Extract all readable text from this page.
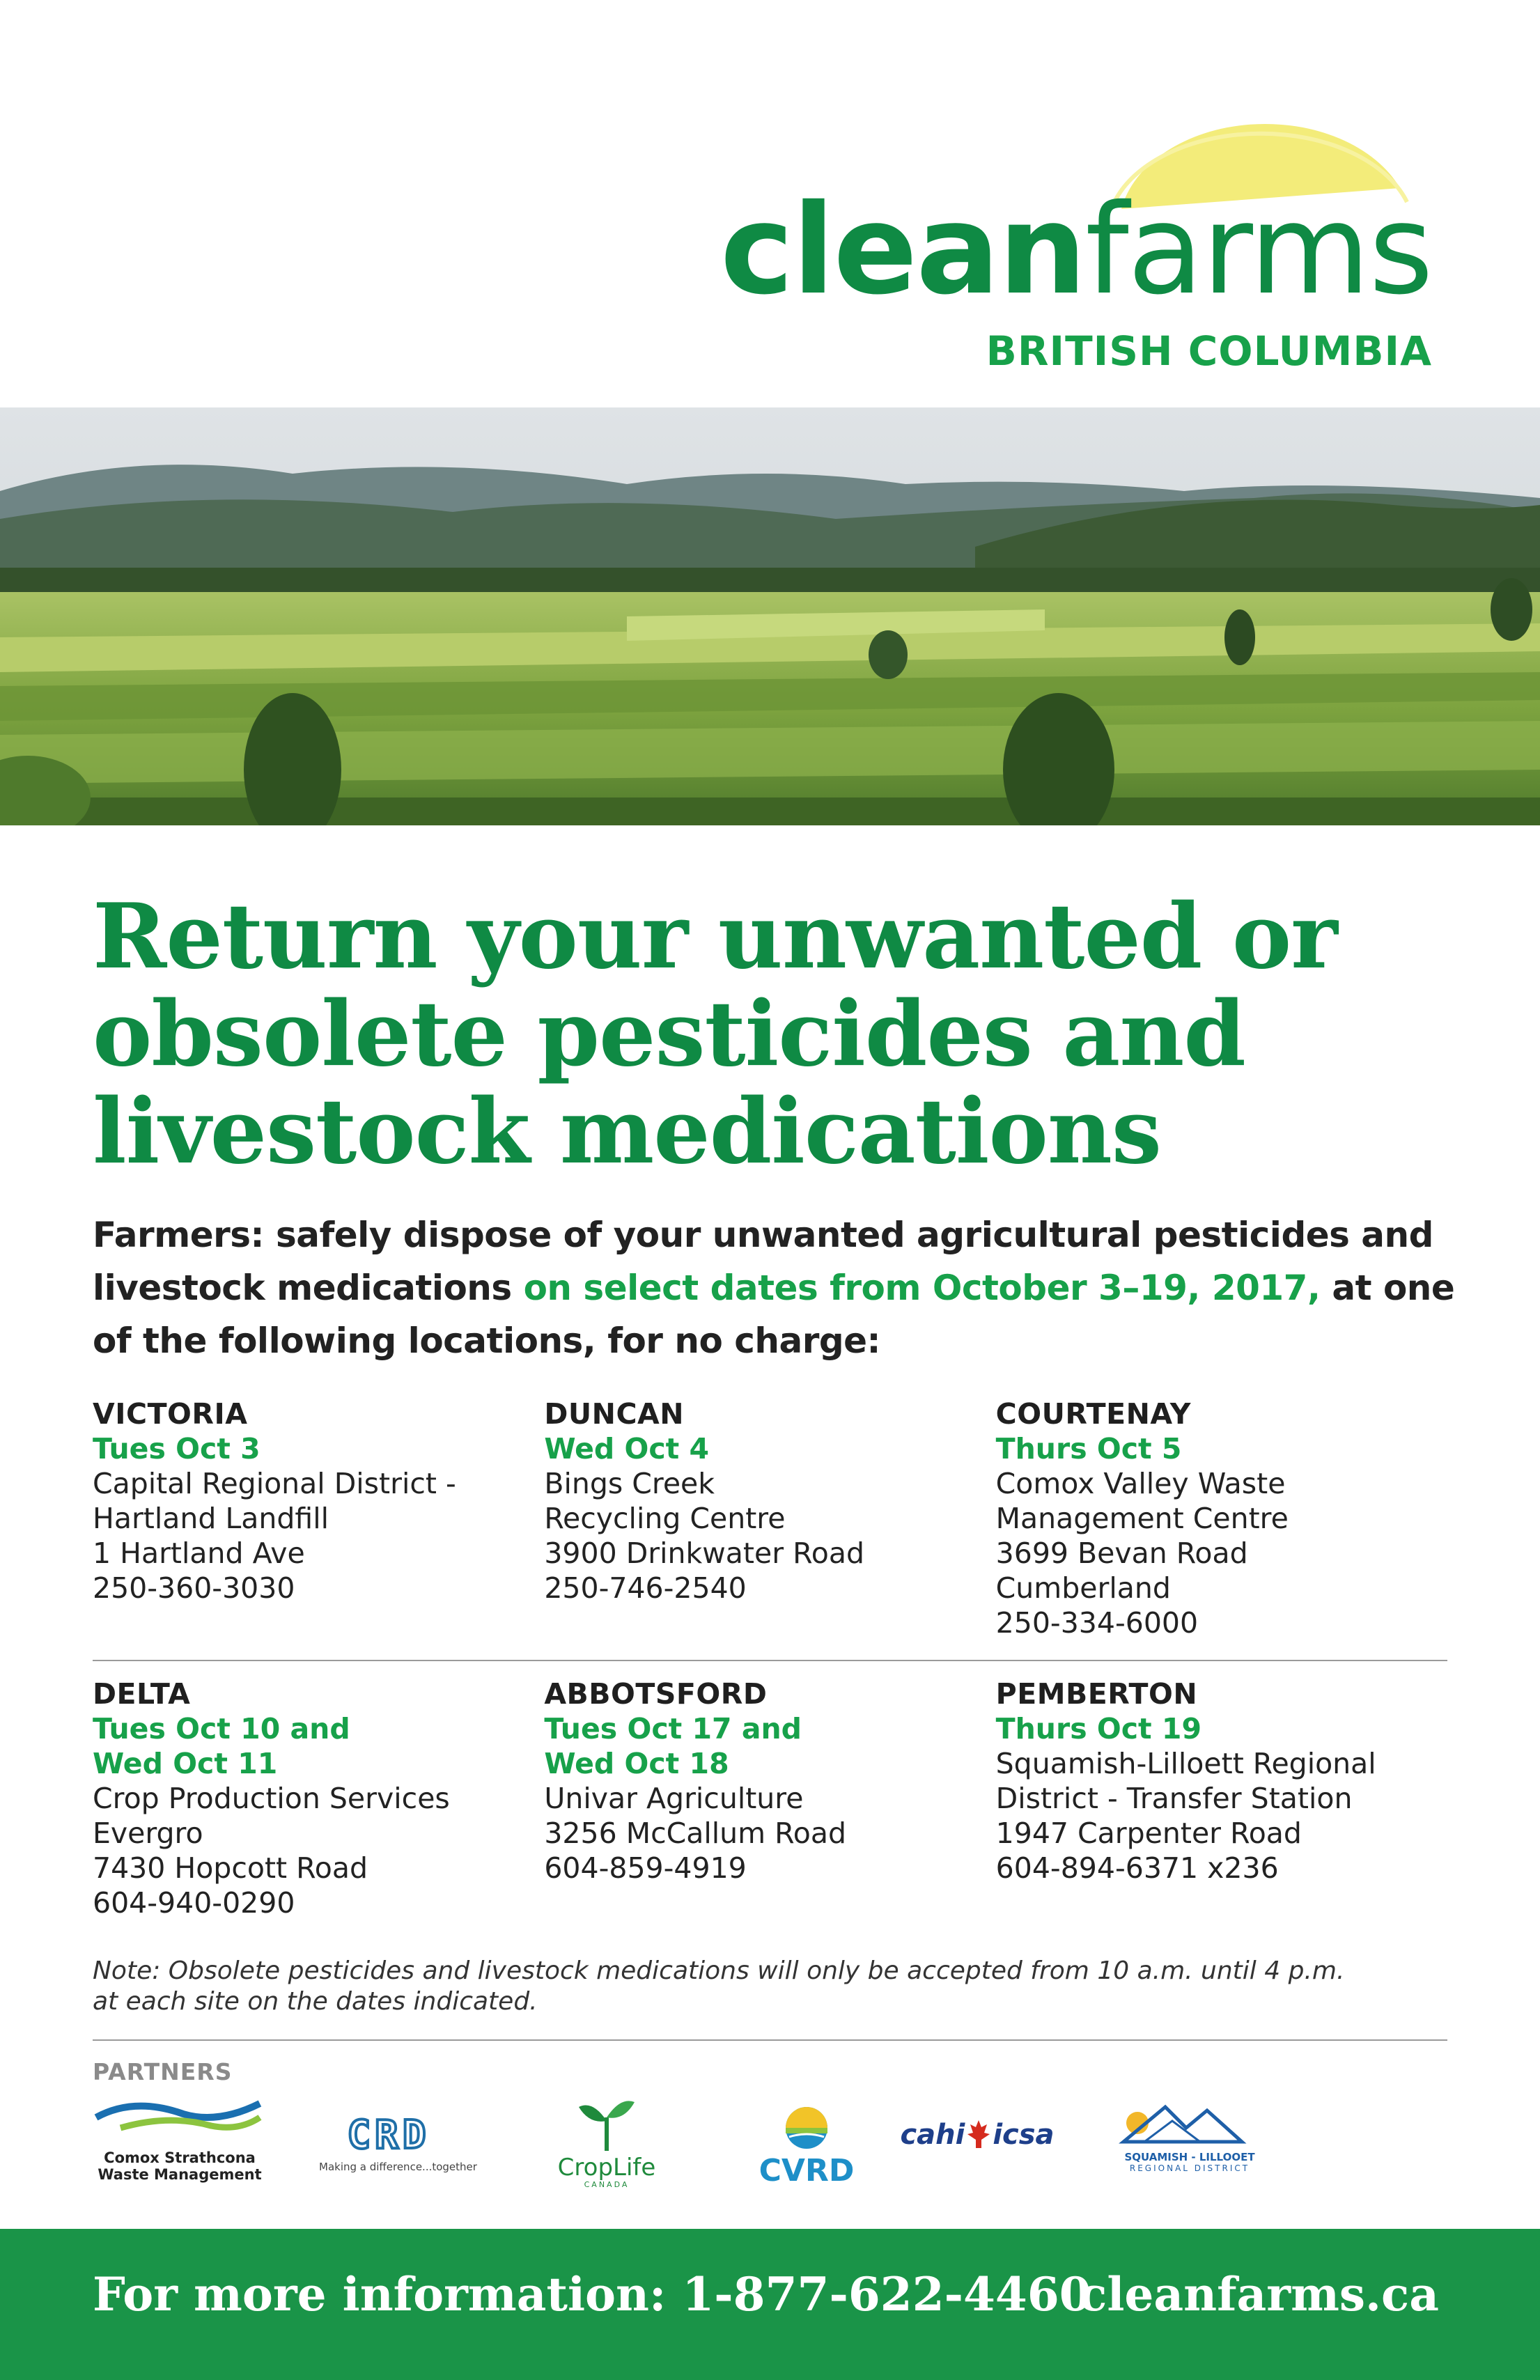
cleanfarms
BRITISH COLUMBIA
Return your unwanted or
obsolete pesticides and
livestock medications
Farmers: safely dispose of your unwanted agricultural pesticides and livestock medications on select dates from October 3–19, 2017, at one of the following locations, for no charge:
VICTORIA
Tues Oct 3
Capital Regional District -
Hartland Landfill
1 Hartland Ave
250-360-3030
DUNCAN
Wed Oct 4
Bings Creek
Recycling Centre
3900 Drinkwater Road
250-746-2540
COURTENAY
Thurs Oct 5
Comox Valley Waste
Management Centre
3699 Bevan Road
Cumberland
250-334-6000
DELTA
Tues Oct 10 and
Wed Oct 11
Crop Production Services
Evergro
7430 Hopcott Road
604-940-0290
ABBOTSFORD
Tues Oct 17 and
Wed Oct 18
Univar Agriculture
3256 McCallum Road
604-859-4919
PEMBERTON
Thurs Oct 19
Squamish-Lilloett Regional
District - Transfer Station
1947 Carpenter Road
604-894-6371 x236
Note: Obsolete pesticides and livestock medications will only be accepted from 10 a.m. until 4 p.m.
at each site on the dates indicated.
PARTNERS
Comox Strathcona
Waste Management
CRD
Making a difference...together	CropLife
CANADA	CVRD
cahi icsa
SQUAMISH - LILLOOET
REGIONAL DISTRICT
For more information: 1-877-622-4460
cleanfarms.ca
